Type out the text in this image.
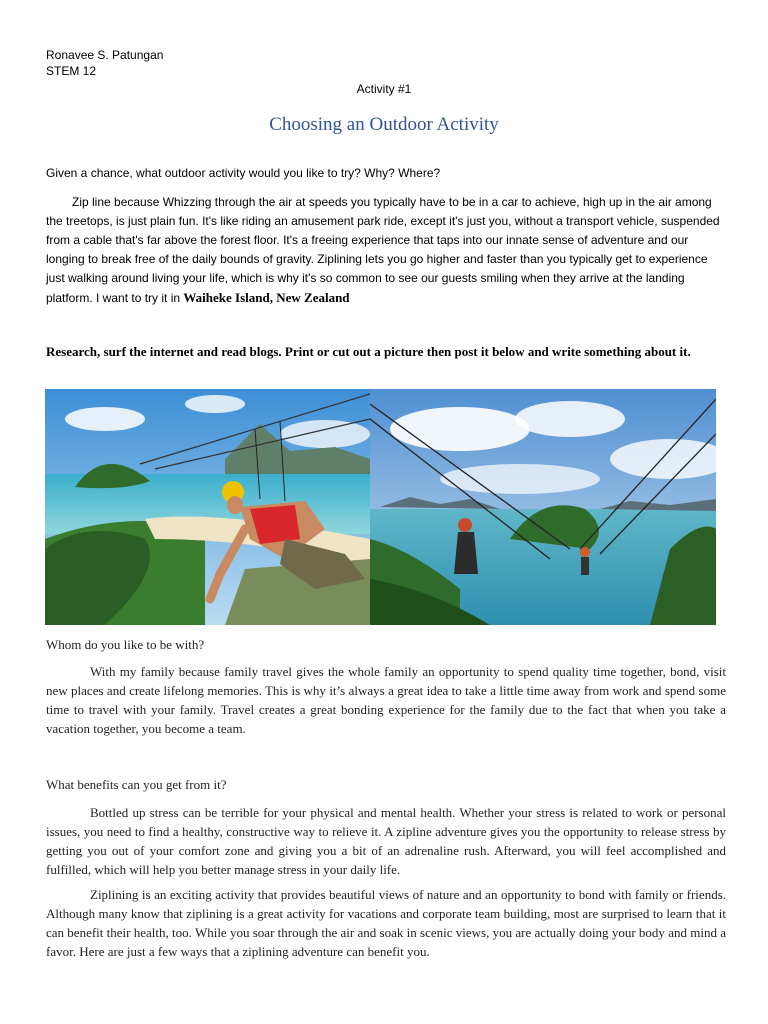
Ronavee S. Patungan
STEM 12
Activity #1
Choosing an Outdoor Activity
Given a chance, what outdoor activity would you like to try? Why? Where?
Zip line because Whizzing through the air at speeds you typically have to be in a car to achieve, high up in the air among the treetops, is just plain fun. It's like riding an amusement park ride, except it's just you, without a transport vehicle, suspended from a cable that's far above the forest floor. It's a freeing experience that taps into our innate sense of adventure and our longing to break free of the daily bounds of gravity. Ziplining lets you go higher and faster than you typically get to experience just walking around living your life, which is why it's so common to see our guests smiling when they arrive at the landing platform. I want to try it in Waiheke Island, New Zealand
Research, surf the internet and read blogs. Print or cut out a picture then post it below and write something about it.
Whom do you like to be with?
With my family because family travel gives the whole family an opportunity to spend quality time together, bond, visit new places and create lifelong memories. This is why it’s always a great idea to take a little time away from work and spend some time to travel with your family. Travel creates a great bonding experience for the family due to the fact that when you take a vacation together, you become a team.
What benefits can you get from it?
Bottled up stress can be terrible for your physical and mental health. Whether your stress is related to work or personal issues, you need to find a healthy, constructive way to relieve it. A zipline adventure gives you the opportunity to release stress by getting you out of your comfort zone and giving you a bit of an adrenaline rush. Afterward, you will feel accomplished and fulfilled, which will help you better manage stress in your daily life.
Ziplining is an exciting activity that provides beautiful views of nature and an opportunity to bond with family or friends. Although many know that ziplining is a great activity for vacations and corporate team building, most are surprised to learn that it can benefit their health, too. While you soar through the air and soak in scenic views, you are actually doing your body and mind a favor. Here are just a few ways that a ziplining adventure can benefit you.
